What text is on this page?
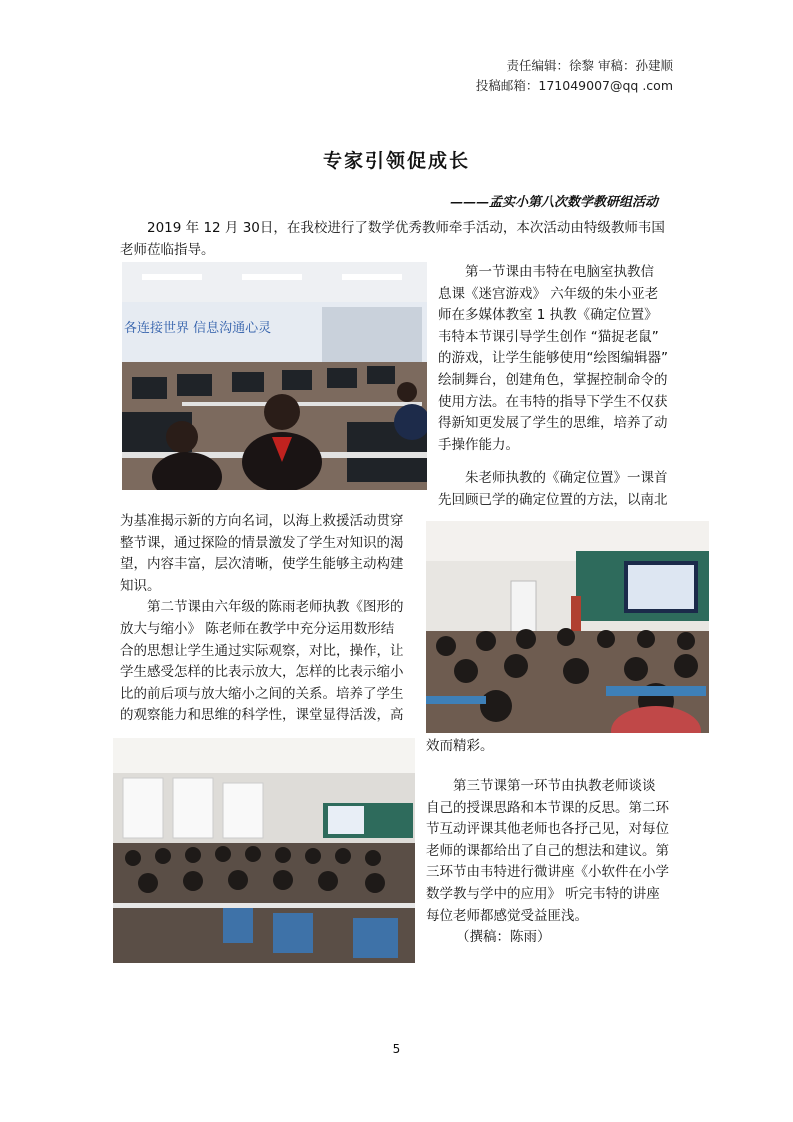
责任编辑：徐黎 审稿：孙建顺
投稿邮箱：171049007@qq .com
专家引领促成长
———孟实小第八次数学教研组活动

2019 年 12 月 30日，在我校进行了数学优秀教师牵手活动，本次活动由特级教师韦国

老师莅临指导。

各连接世界 信息沟通心灵

　　第一节课由韦特在电脑室执教信

息课《迷宫游戏》 六年级的朱小亚老

师在多媒体教室 1 执教《确定位置》

韦特本节课引导学生创作 “猫捉老鼠”

的游戏，让学生能够使用“绘图编辑器”

绘制舞台，创建角色，掌握控制命令的

使用方法。在韦特的指导下学生不仅获

得新知更发展了学生的思维，培养了动

手操作能力。

　　朱老师执教的《确定位置》一课首

先回顾已学的确定位置的方法，以南北

为基准揭示新的方向名词，以海上救援活动贯穿

整节课，通过探险的情景激发了学生对知识的渴

望，内容丰富，层次清晰，使学生能够主动构建

知识。

　　第二节课由六年级的陈雨老师执教《图形的

放大与缩小》 陈老师在教学中充分运用数形结

合的思想让学生通过实际观察，对比，操作，让

学生感受怎样的比表示放大，怎样的比表示缩小

比的前后项与放大缩小之间的关系。培养了学生

的观察能力和思维的科学性，课堂显得活泼，高

效而精彩。

　　第三节课第一环节由执教老师谈谈

自己的授课思路和本节课的反思。第二环

节互动评课其他老师也各抒己见，对每位

老师的课都给出了自己的想法和建议。第

三环节由韦特进行微讲座《小软件在小学

数学教与学中的应用》 听完韦特的讲座

每位老师都感觉受益匪浅。

（撰稿：陈雨）

5
